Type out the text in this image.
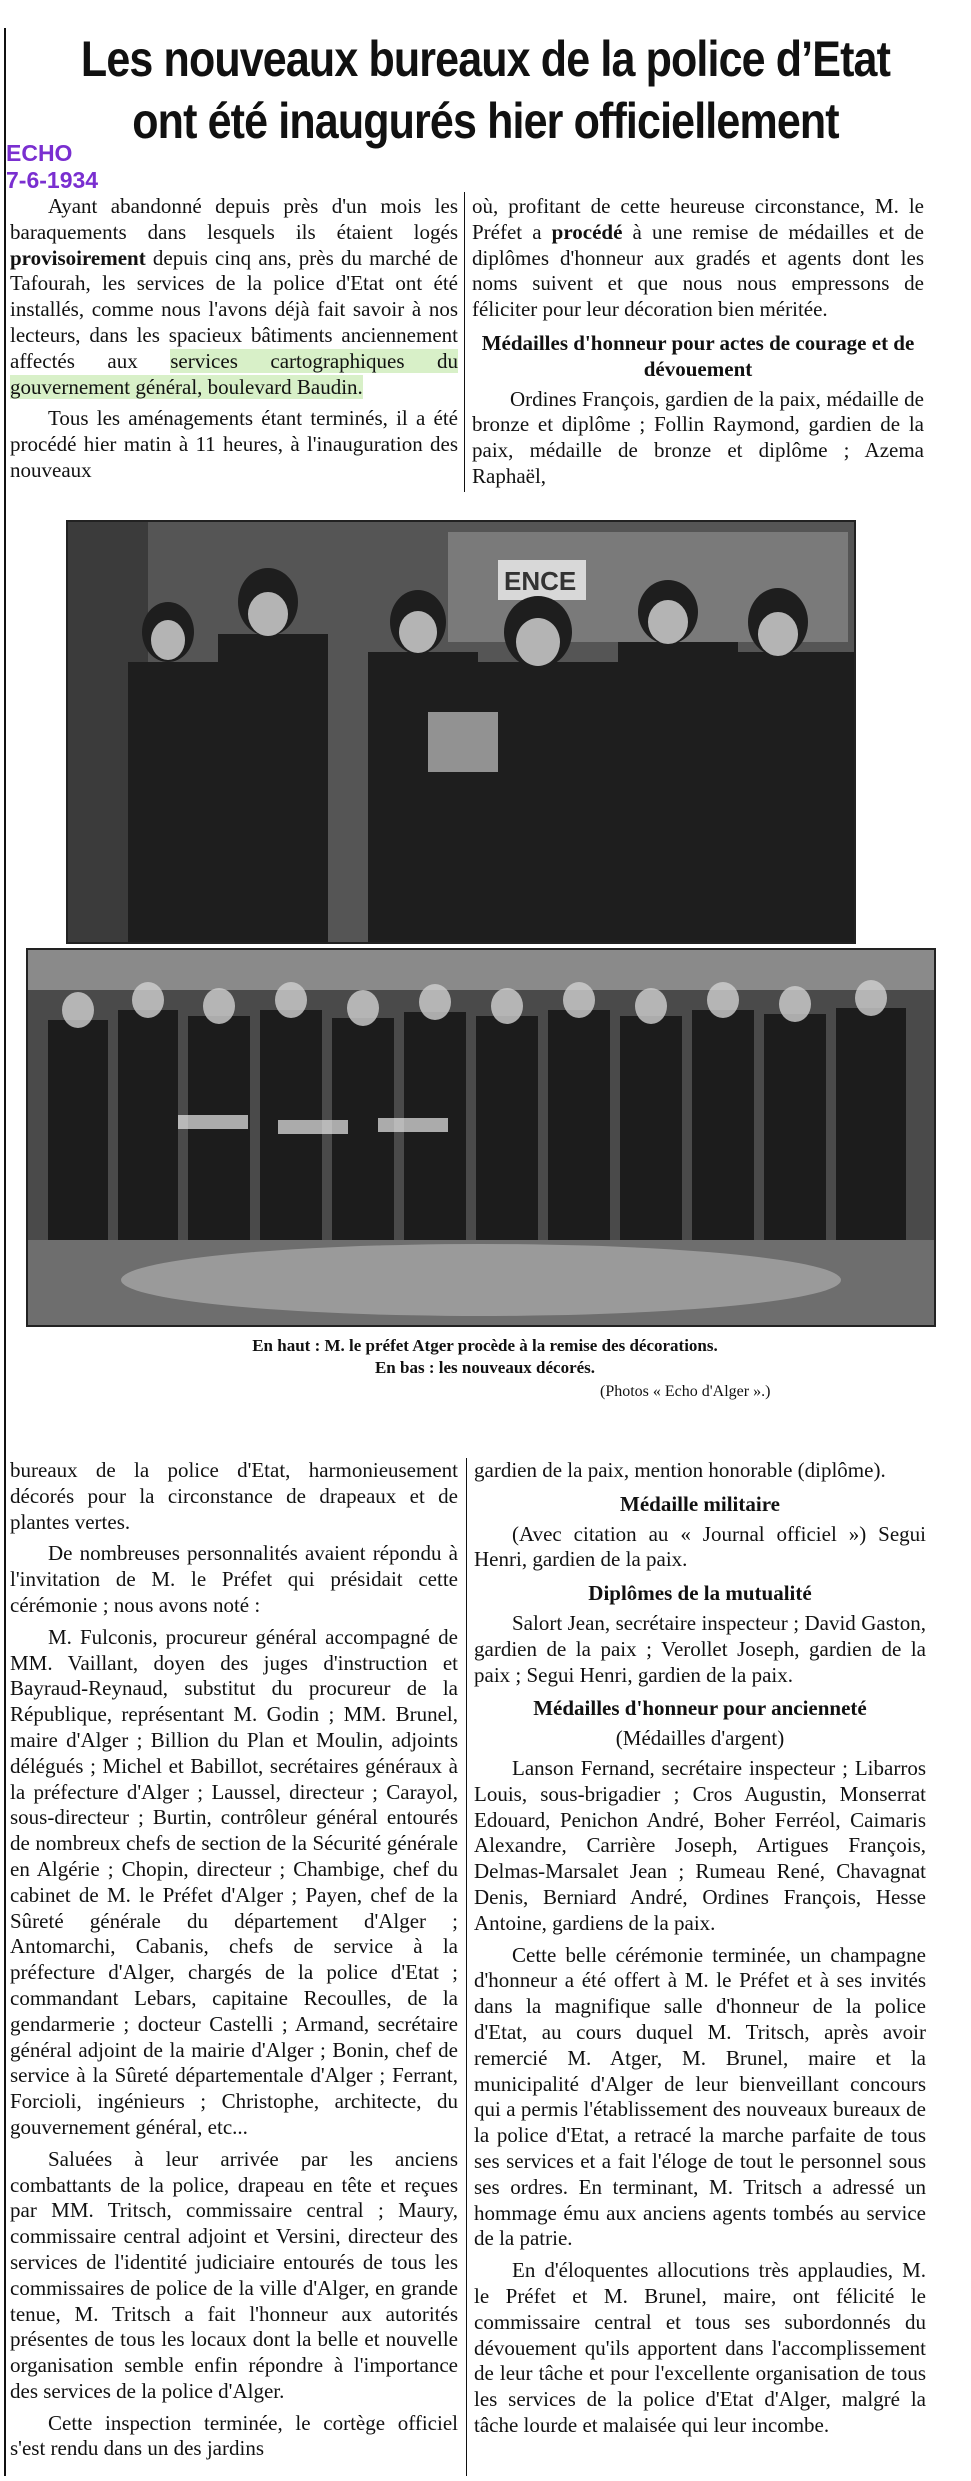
Les nouveaux bureaux de la police d’Etat
ont été inaugurés hier officiellement
ECHO
7-6-1934

Ayant abandonné depuis près d'un mois les baraquements dans lesquels ils étaient logés provisoirement depuis cinq ans, près du marché de Tafourah, les services de la police d'Etat ont été installés, comme nous l'avons déjà fait savoir à nos lecteurs, dans les spacieux bâtiments anciennement affectés aux services cartographiques du gouvernement général, boulevard Baudin.

Tous les aménagements étant terminés, il a été procédé hier matin à 11 heures, à l'inauguration des nouveaux

où, profitant de cette heureuse circonstance, M. le Préfet a procédé à une remise de médailles et de diplômes d'honneur aux gradés et agents dont les noms suivent et que nous nous empressons de féliciter pour leur décoration bien méritée.

Médailles d'honneur pour actes de courage et de dévouement

Ordines François, gardien de la paix, médaille de bronze et diplôme ; Follin Raymond, gardien de la paix, médaille de bronze et diplôme ; Azema Raphaël,

ENCE
En haut : M. le préfet Atger procède à la remise des décorations.
En bas : les nouveaux décorés.
(Photos « Echo d'Alger ».)

bureaux de la police d'Etat, harmonieusement décorés pour la circonstance de drapeaux et de plantes vertes.

De nombreuses personnalités avaient répondu à l'invitation de M. le Préfet qui présidait cette cérémonie ; nous avons noté :

M. Fulconis, procureur général accompagné de MM. Vaillant, doyen des juges d'instruction et Bayraud-Reynaud, substitut du procureur de la République, représentant M. Godin ; MM. Brunel, maire d'Alger ; Billion du Plan et Moulin, adjoints délégués ; Michel et Babillot, secrétaires généraux à la préfecture d'Alger ; Laussel, directeur ; Carayol, sous-directeur ; Burtin, contrôleur général entourés de nombreux chefs de section de la Sécurité générale en Algérie ; Chopin, directeur ; Chambige, chef du cabinet de M. le Préfet d'Alger ; Payen, chef de la Sûreté générale du département d'Alger ; Antomarchi, Cabanis, chefs de service à la préfecture d'Alger, chargés de la police d'Etat ; commandant Lebars, capitaine Recoulles, de la gendarmerie ; docteur Castelli ; Armand, secrétaire général adjoint de la mairie d'Alger ; Bonin, chef de service à la Sûreté départementale d'Alger ; Ferrant, Forcioli, ingénieurs ; Christophe, architecte, du gouvernement général, etc...

Saluées à leur arrivée par les anciens combattants de la police, drapeau en tête et reçues par MM. Tritsch, commissaire central ; Maury, commissaire central adjoint et Versini, directeur des services de l'identité judiciaire entourés de tous les commissaires de police de la ville d'Alger, en grande tenue, M. Tritsch a fait l'honneur aux autorités présentes de tous les locaux dont la belle et nouvelle organisation semble enfin répondre à l'importance des services de la police d'Alger.

Cette inspection terminée, le cortège officiel s'est rendu dans un des jardins

gardien de la paix, mention honorable (diplôme).

Médaille militaire

(Avec citation au « Journal officiel ») Segui Henri, gardien de la paix.

Diplômes de la mutualité

Salort Jean, secrétaire inspecteur ; David Gaston, gardien de la paix ; Verollet Joseph, gardien de la paix ; Segui Henri, gardien de la paix.

Médailles d'honneur pour ancienneté

(Médailles d'argent)

Lanson Fernand, secrétaire inspecteur ; Libarros Louis, sous-brigadier ; Cros Augustin, Monserrat Edouard, Penichon André, Boher Ferréol, Caimaris Alexandre, Carrière Joseph, Artigues François, Delmas-Marsalet Jean ; Rumeau René, Chavagnat Denis, Berniard André, Ordines François, Hesse Antoine, gardiens de la paix.

Cette belle cérémonie terminée, un champagne d'honneur a été offert à M. le Préfet et à ses invités dans la magnifique salle d'honneur de la police d'Etat, au cours duquel M. Tritsch, après avoir remercié M. Atger, M. Brunel, maire et la municipalité d'Alger de leur bienveillant concours qui a permis l'établissement des nouveaux bureaux de la police d'Etat, a retracé la marche parfaite de tous ses services et a fait l'éloge de tout le personnel sous ses ordres. En terminant, M. Tritsch a adressé un hommage ému aux anciens agents tombés au service de la patrie.

En d'éloquentes allocutions très applaudies, M. le Préfet et M. Brunel, maire, ont félicité le commissaire central et tous ses subordonnés du dévouement qu'ils apportent dans l'accomplissement de leur tâche et pour l'excellente organisation de tous les services de la police d'Etat d'Alger, malgré la tâche lourde et malaisée qui leur incombe.
